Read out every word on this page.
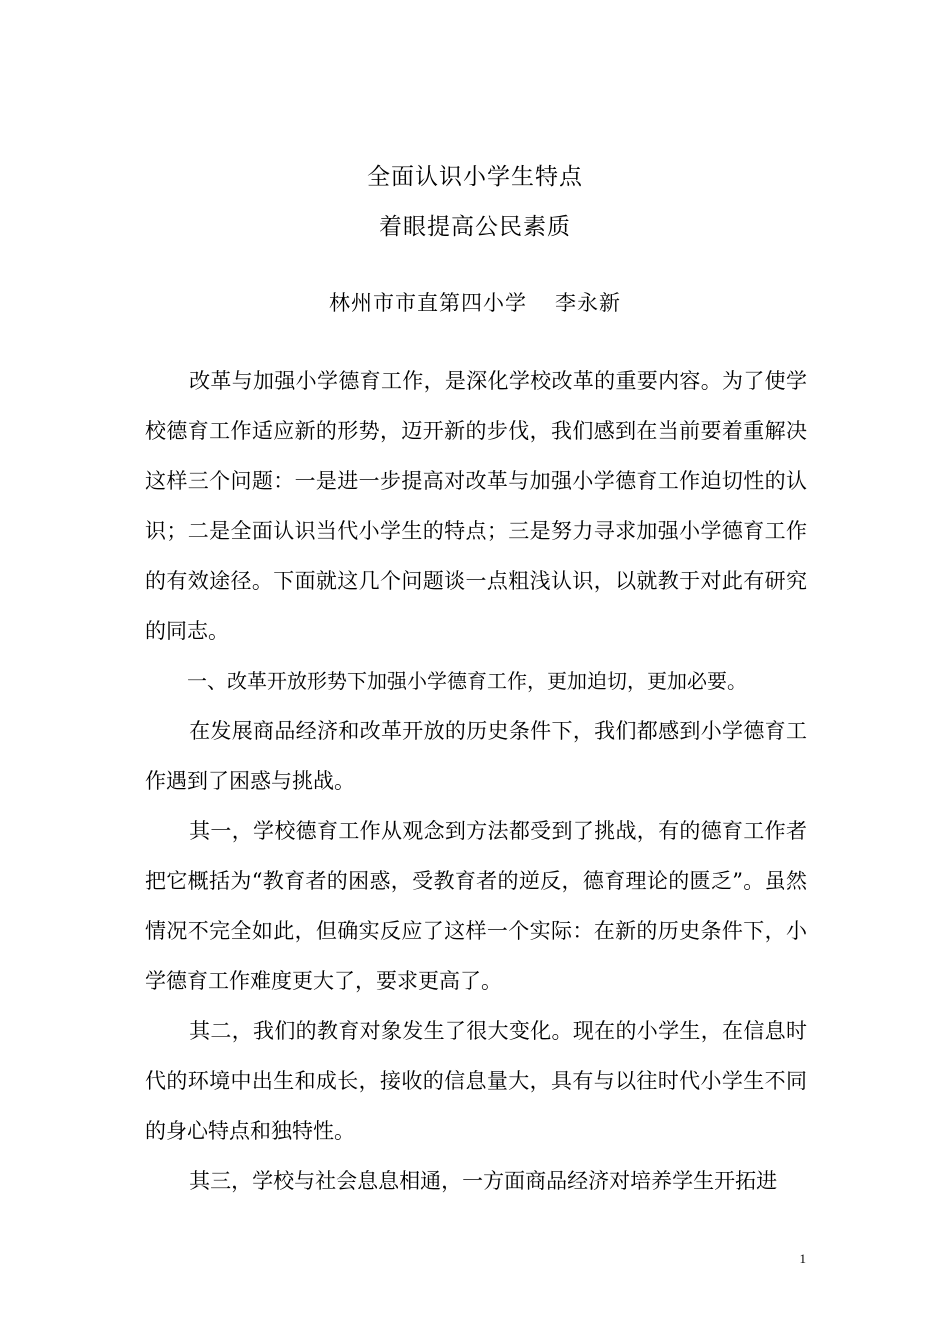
全面认识小学生特点
着眼提高公民素质
林州市市直第四小学 李永新

改革与加强小学德育工作，是深化学校改革的重要内容。为了使学校德育工作适应新的形势，迈开新的步伐，我们感到在当前要着重解决这样三个问题：一是进一步提高对改革与加强小学德育工作迫切性的认识；二是全面认识当代小学生的特点；三是努力寻求加强小学德育工作的有效途径。下面就这几个问题谈一点粗浅认识，以就教于对此有研究的同志。

一、改革开放形势下加强小学德育工作，更加迫切，更加必要。

在发展商品经济和改革开放的历史条件下，我们都感到小学德育工作遇到了困惑与挑战。

其一，学校德育工作从观念到方法都受到了挑战，有的德育工作者把它概括为“教育者的困惑，受教育者的逆反，德育理论的匮乏”。虽然情况不完全如此，但确实反应了这样一个实际：在新的历史条件下，小学德育工作难度更大了，要求更高了。

其二，我们的教育对象发生了很大变化。现在的小学生，在信息时代的环境中出生和成长，接收的信息量大，具有与以往时代小学生不同的身心特点和独特性。

其三，学校与社会息息相通，一方面商品经济对培养学生开拓进

1
